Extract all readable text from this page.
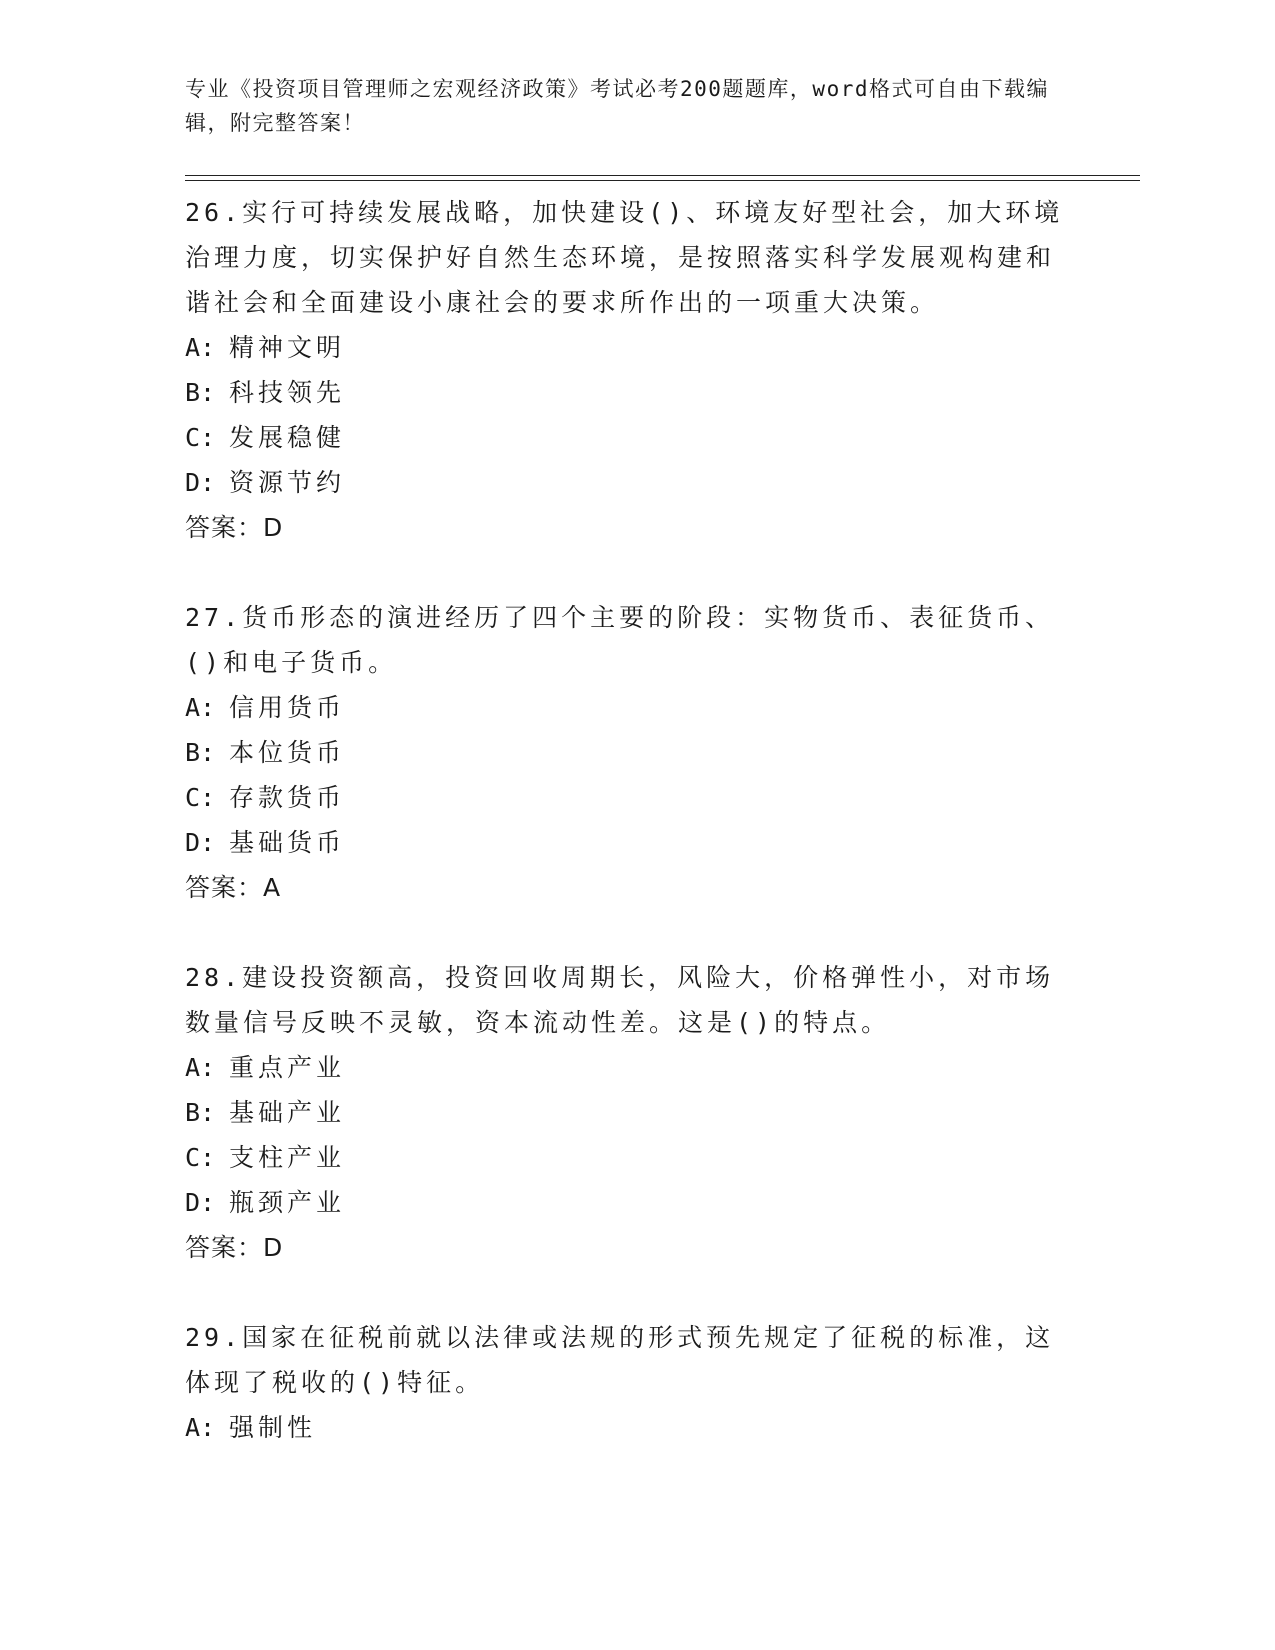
专业《投资项目管理师之宏观经济政策》考试必考200题题库，word格式可自由下载编辑，附完整答案！

26.实行可持续发展战略，加快建设()、环境友好型社会，加大环境治理力度，切实保护好自然生态环境，是按照落实科学发展观构建和谐社会和全面建设小康社会的要求所作出的一项重大决策。

A: 精神文明

B: 科技领先

C: 发展稳健

D: 资源节约

答案：D

27.货币形态的演进经历了四个主要的阶段：实物货币、表征货币、()和电子货币。

A: 信用货币

B: 本位货币

C: 存款货币

D: 基础货币

答案：A

28.建设投资额高，投资回收周期长，风险大，价格弹性小，对市场数量信号反映不灵敏，资本流动性差。这是()的特点。

A: 重点产业

B: 基础产业

C: 支柱产业

D: 瓶颈产业

答案：D

29.国家在征税前就以法律或法规的形式预先规定了征税的标准，这体现了税收的()特征。

A: 强制性
